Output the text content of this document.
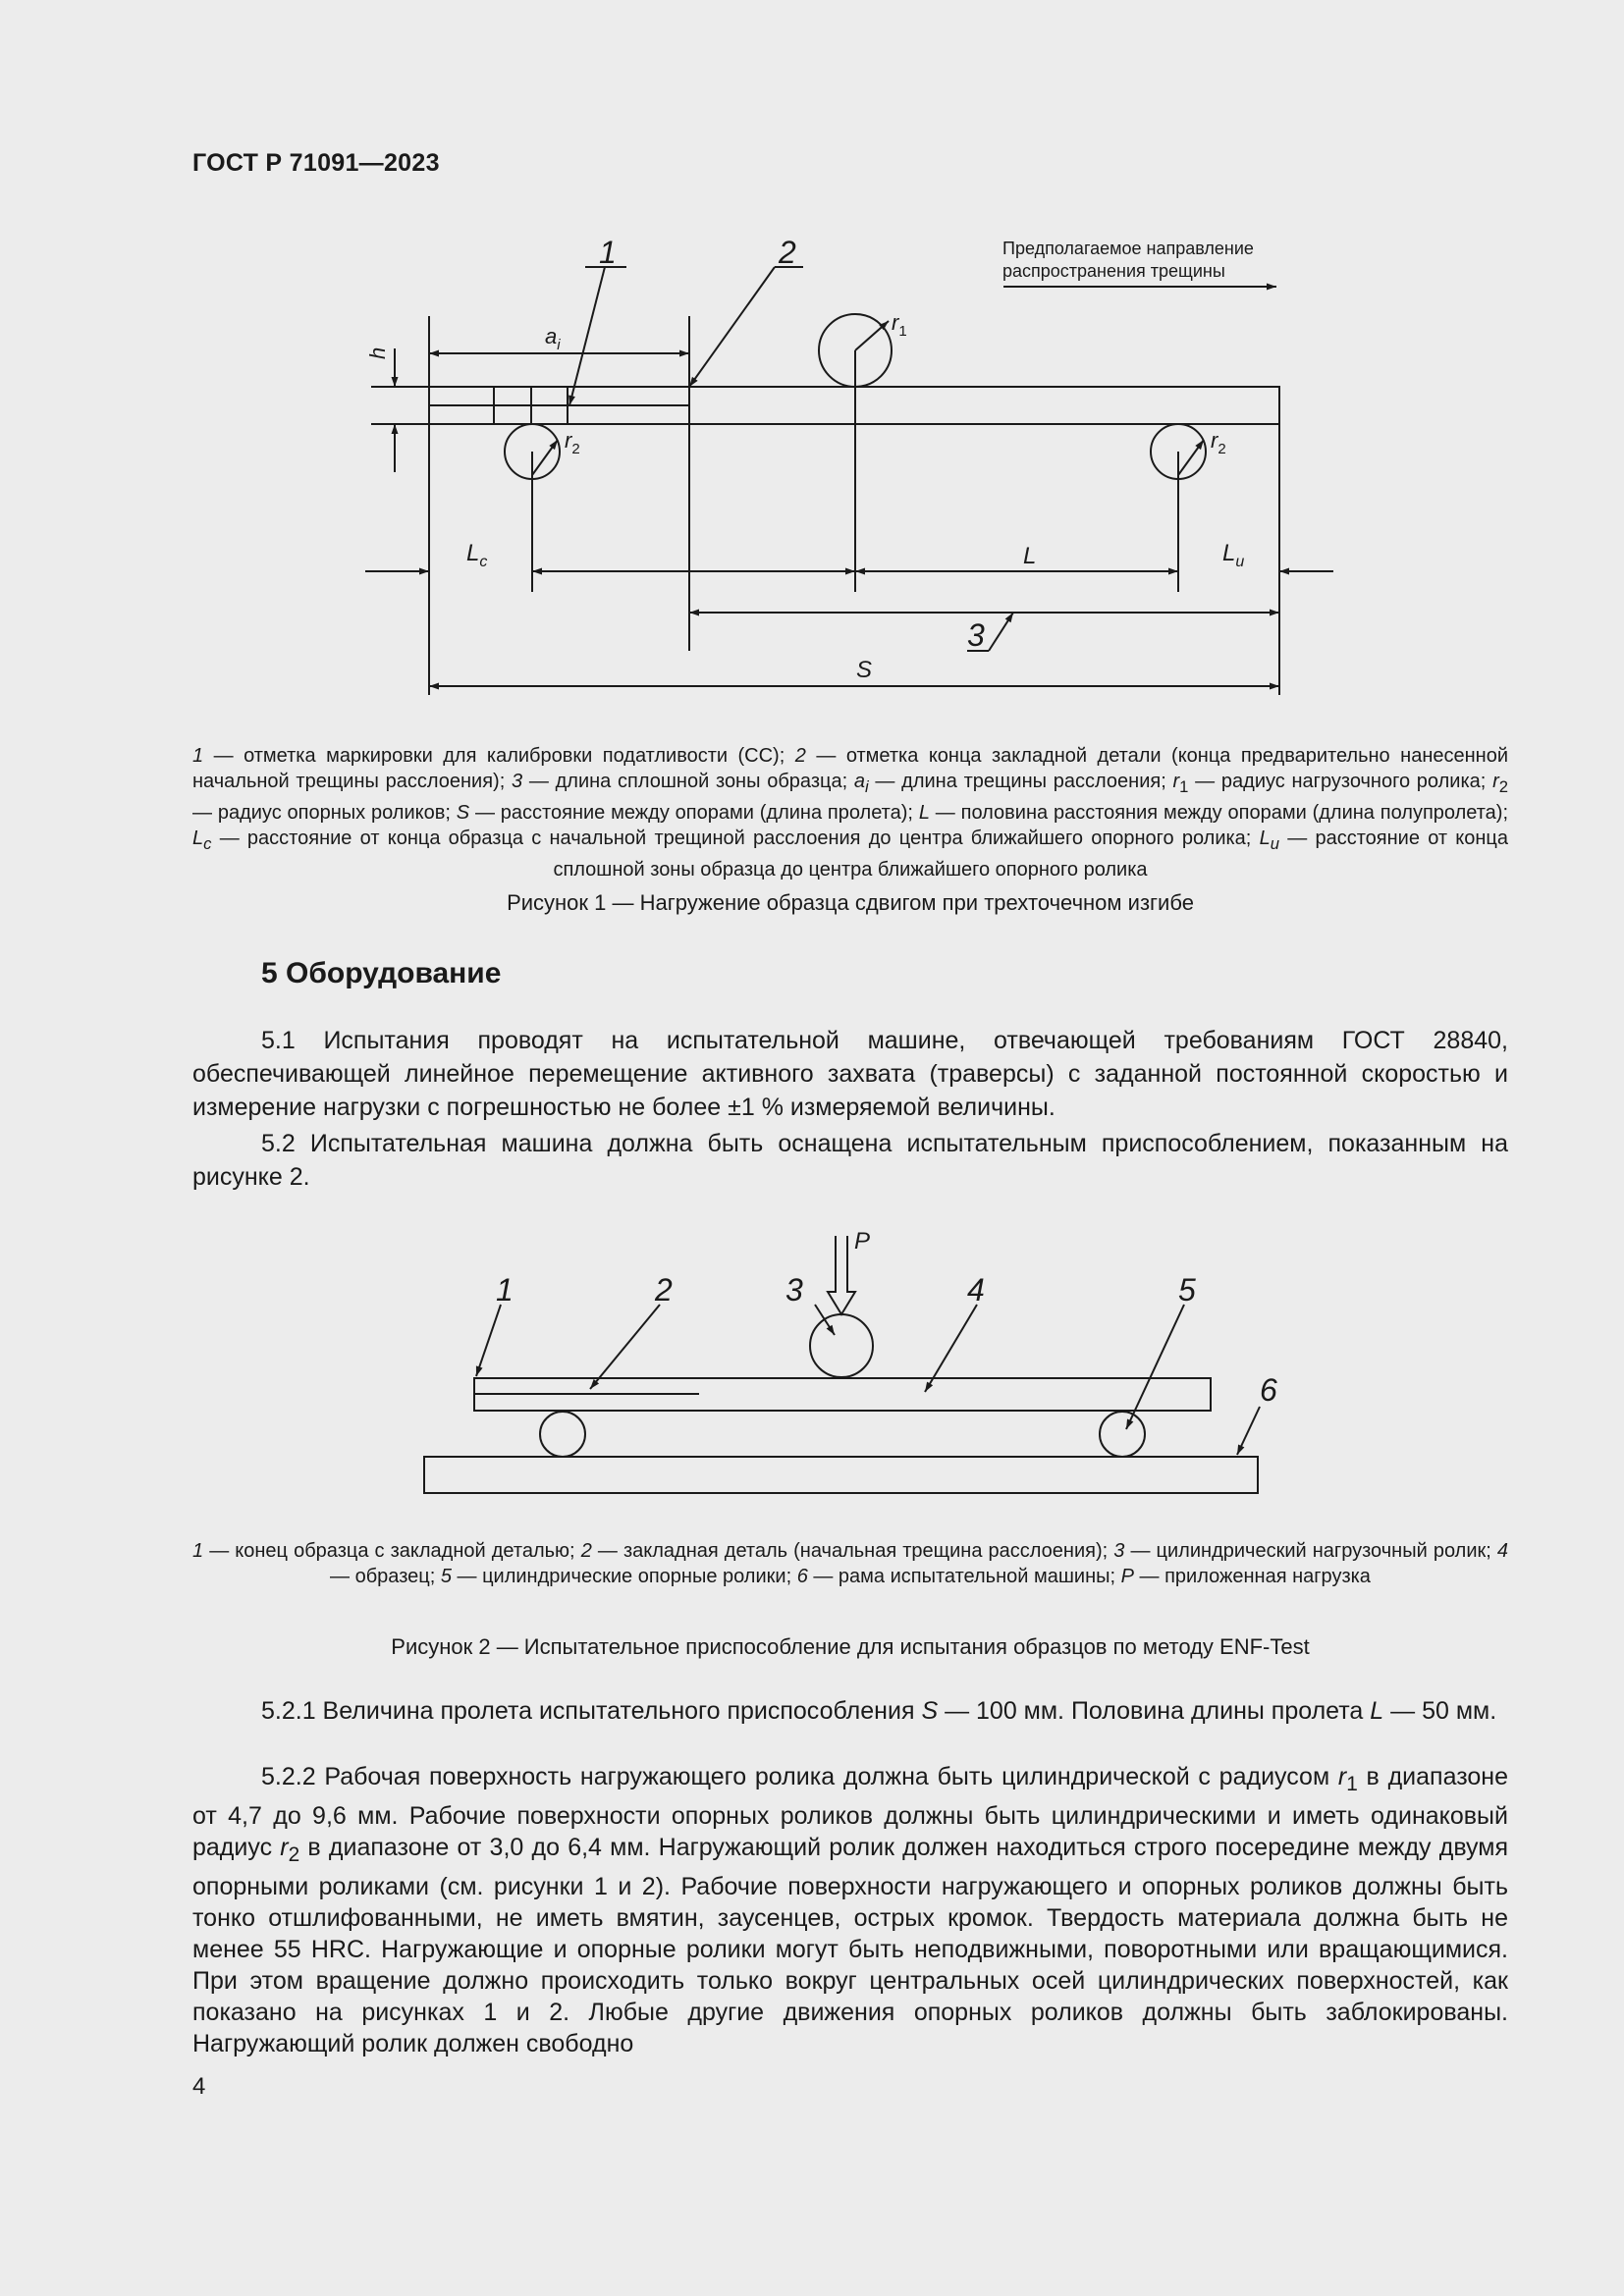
ГОСТ Р 71091—2023
1	2
3
h
$a_i$
$r_1$
$r_2$	$r_2$
$L_c$	L	$L_u$
S
Предполагаемое направление
распространения трещины
1 — отметка маркировки для калибровки податливости (CC); 2 — отметка конца закладной детали (конца предварительно нанесенной начальной трещины расслоения); 3 — длина сплошной зоны образца; $a_i$ — длина трещины расслоения; $r_1$ — радиус нагрузочного ролика; $r_2$ — радиус опорных роликов; S — расстояние между опорами (длина пролета); L — половина расстояния между опорами (длина полупролета); $L_c$ — расстояние от конца образца с начальной трещиной расслоения до центра ближайшего опорного ролика; $L_u$ — расстояние от конца сплошной зоны образца до центра ближайшего опорного ролика
Рисунок 1 — Нагружение образца сдвигом при трехточечном изгибе
5 Оборудование
5.1 Испытания проводят на испытательной машине, отвечающей требованиям ГОСТ 28840, обеспечивающей линейное перемещение активного захвата (траверсы) с заданной постоянной скоростью и измерение нагрузки с погрешностью не более ±1 % измеряемой величины.
5.2 Испытательная машина должна быть оснащена испытательным приспособлением, показанным на рисунке 2.
P
1	2	3	4	5
6
1 — конец образца с закладной деталью; 2 — закладная деталь (начальная трещина расслоения); 3 — цилиндрический нагрузочный ролик; 4 — образец; 5 — цилиндрические опорные ролики; 6 — рама испытательной машины; P — приложенная нагрузка
Рисунок 2 — Испытательное приспособление для испытания образцов по методу ENF-Test
5.2.1 Величина пролета испытательного приспособления S — 100 мм. Половина длины пролета L — 50 мм.
5.2.2 Рабочая поверхность нагружающего ролика должна быть цилиндрической с радиусом $r_1$ в диапазоне от 4,7 до 9,6 мм. Рабочие поверхности опорных роликов должны быть цилиндрическими и иметь одинаковый радиус $r_2$ в диапазоне от 3,0 до 6,4 мм. Нагружающий ролик должен находиться строго посередине между двумя опорными роликами (см. рисунки 1 и 2). Рабочие поверхности нагружающего и опорных роликов должны быть тонко отшлифованными, не иметь вмятин, заусенцев, острых кромок. Твердость материала должна быть не менее 55 HRC. Нагружающие и опорные ролики могут быть неподвижными, поворотными или вращающимися. При этом вращение должно происходить только вокруг центральных осей цилиндрических поверхностей, как показано на рисунках 1 и 2. Любые другие движения опорных роликов должны быть заблокированы. Нагружающий ролик должен свободно
4
